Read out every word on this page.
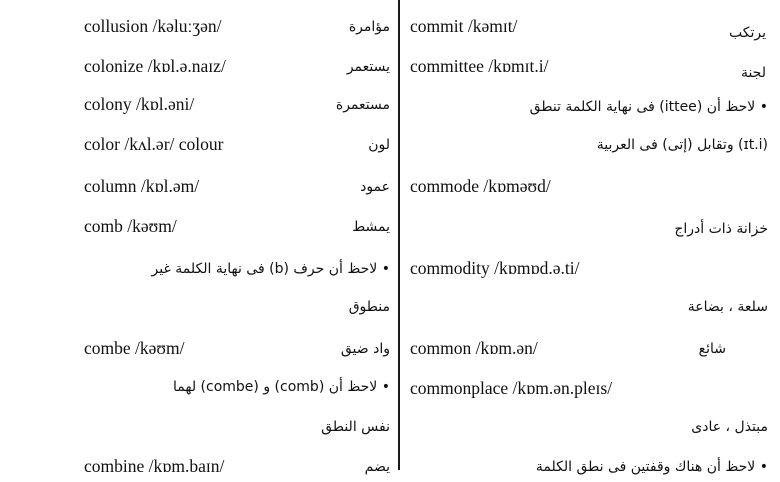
collusion /kəluːʒən/	مؤامرة
colonize /kɒl.ə.naɪz/	يستعمر
colony /kɒl.əni/	مستعمرة
color /kʌl.ər/ colour	لون
column /kɒl.əm/	عمود
comb /kəʊm/	يمشط
• لاحظ أن حرف (b) فى نهاية الكلمة غير
منطوق
combe /kəʊm/	واد ضيق
• لاحظ أن (comb) و (combe) لهما
نفس النطق
combine /kɒm.baɪn/	يضم
commit /kəmɪt/	يرتكب
committee /kɒmɪt.i/	لجنة
• لاحظ أن (ittee) فى نهاية الكلمة تنطق
(ɪt.i) وتقابل (إتى) فى العربية
commode /kɒməʊd/
خزانة ذات أدراج
commodity /kɒmɒd.ə.ti/
سلعة ، بضاعة
common /kɒm.ən/	شائع
commonplace /kɒm.ən.pleɪs/
مبتذل ، عادى
• لاحظ أن هناك وقفتين فى نطق الكلمة
